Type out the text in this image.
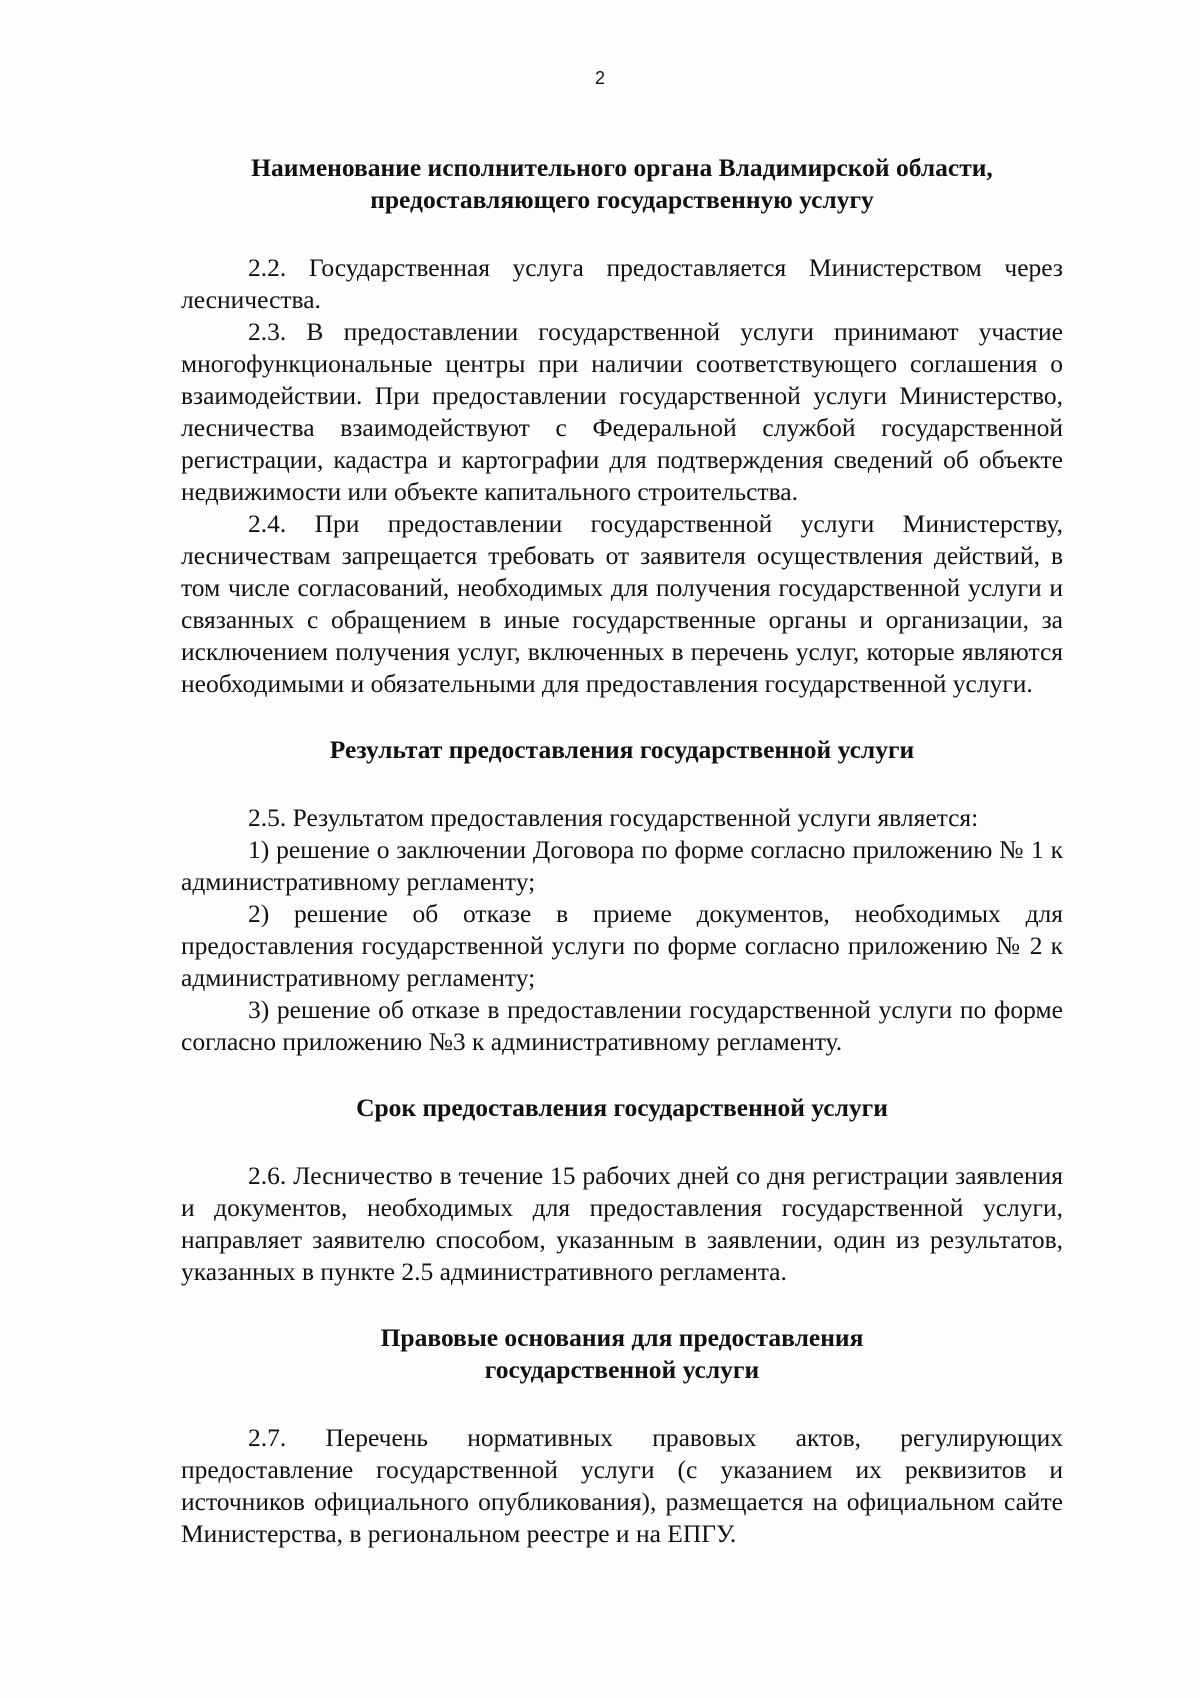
2

Наименование исполнительного органа Владимирской области,

предоставляющего государственную услугу

2.2. Государственная услуга предоставляется Министерством через лесничества.

2.3. В предоставлении государственной услуги принимают участие многофункциональные центры при наличии соответствующего соглашения о взаимодействии. При предоставлении государственной услуги Министерство, лесничества взаимодействуют с Федеральной службой государственной регистрации, кадастра и картографии для подтверждения сведений об объекте недвижимости или объекте капитального строительства.

2.4. При предоставлении государственной услуги Министерству, лесничествам запрещается требовать от заявителя осуществления действий, в том числе согласований, необходимых для получения государственной услуги и связанных с обращением в иные государственные органы и организации, за исключением получения услуг, включенных в перечень услуг, которые являются необходимыми и обязательными для предоставления государственной услуги.

Результат предоставления государственной услуги

2.5. Результатом предоставления государственной услуги является:

1) решение о заключении Договора по форме согласно приложению № 1 к административному регламенту;

2) решение об отказе в приеме документов, необходимых для предоставления государственной услуги по форме согласно приложению № 2 к административному регламенту;

3) решение об отказе в предоставлении государственной услуги по форме согласно приложению №3 к административному регламенту.

Срок предоставления государственной услуги

2.6. Лесничество в течение 15 рабочих дней со дня регистрации заявления и документов, необходимых для предоставления государственной услуги, направляет заявителю способом, указанным в заявлении, один из результатов, указанных в пункте 2.5 административного регламента.

Правовые основания для предоставления

государственной услуги

2.7. Перечень нормативных правовых актов, регулирующих предоставление государственной услуги (с указанием их реквизитов и источников официального опубликования), размещается на официальном сайте Министерства, в региональном реестре и на ЕПГУ.
